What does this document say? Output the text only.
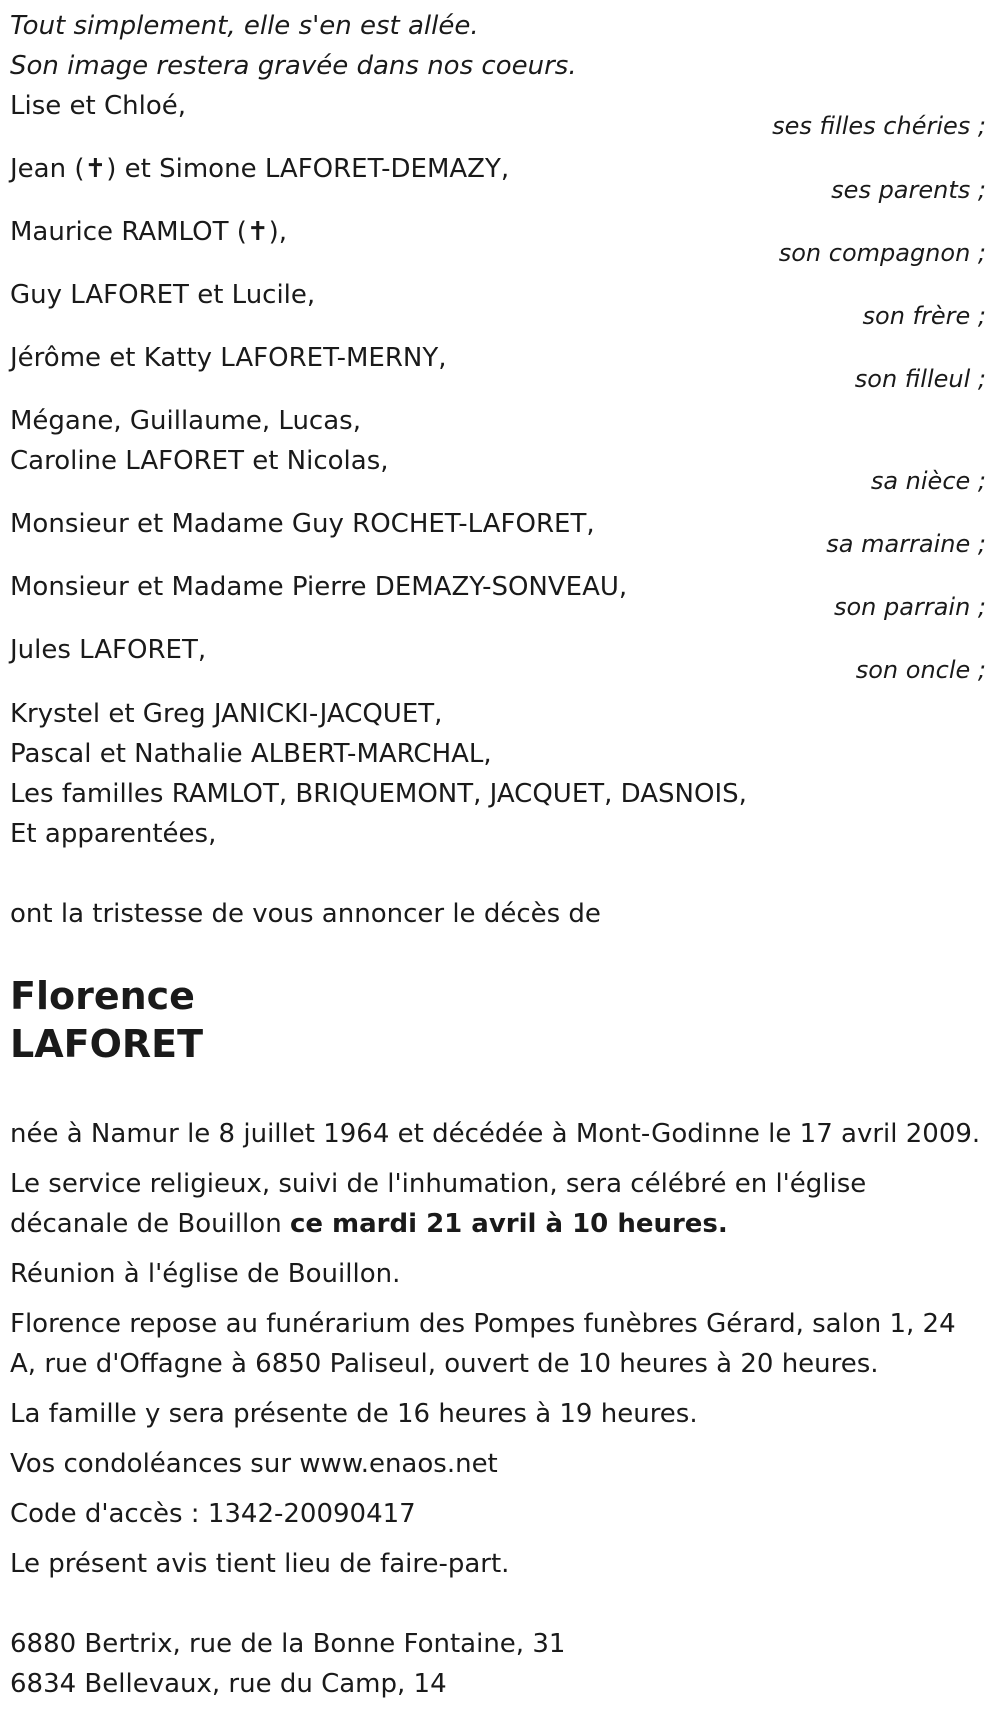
Tout simplement, elle s'en est allée.
Son image restera gravée dans nos coeurs.
Lise et Chloé,
ses filles chéries ;
Jean (✝) et Simone LAFORET-DEMAZY,
ses parents ;
Maurice RAMLOT (✝),
son compagnon ;
Guy LAFORET et Lucile,
son frère ;
Jérôme et Katty LAFORET-MERNY,
son filleul ;
Mégane, Guillaume, Lucas,
Caroline LAFORET et Nicolas,
sa nièce ;
Monsieur et Madame Guy ROCHET-LAFORET,
sa marraine ;
Monsieur et Madame Pierre DEMAZY-SONVEAU,
son parrain ;
Jules LAFORET,
son oncle ;
Krystel et Greg JANICKI-JACQUET,
Pascal et Nathalie ALBERT-MARCHAL,
Les familles RAMLOT, BRIQUEMONT, JACQUET, DASNOIS,
Et apparentées,
ont la tristesse de vous annoncer le décès de
Florence
LAFORET
née à Namur le 8 juillet 1964 et décédée à Mont-Godinne le 17 avril 2009.
Le service religieux, suivi de l'inhumation, sera célébré en l'église
décanale de Bouillon ce mardi 21 avril à 10 heures.
Réunion à l'église de Bouillon.
Florence repose au funérarium des Pompes funèbres Gérard, salon 1, 24
A, rue d'Offagne à 6850 Paliseul, ouvert de 10 heures à 20 heures.
La famille y sera présente de 16 heures à 19 heures.
Vos condoléances sur www.enaos.net
Code d'accès : 1342-20090417
Le présent avis tient lieu de faire-part.
6880 Bertrix, rue de la Bonne Fontaine, 31
6834 Bellevaux, rue du Camp, 14
